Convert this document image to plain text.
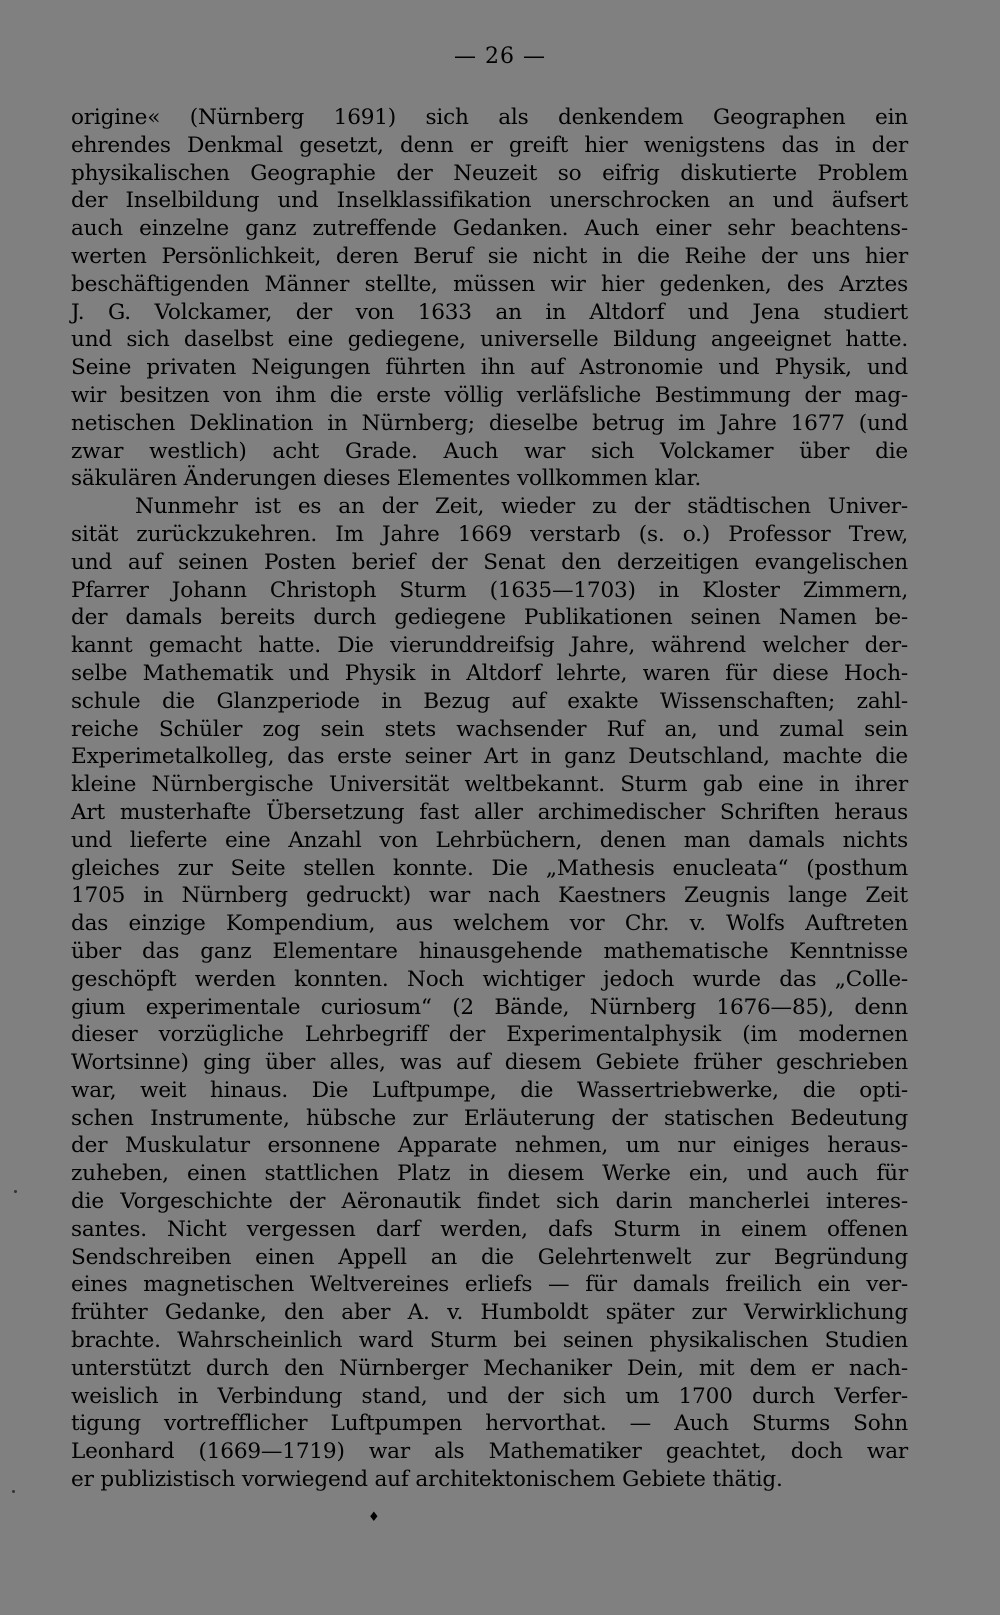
— 26 —
origine« (Nürnberg 1691) sich als denkendem Geographen ein
ehrendes Denkmal gesetzt, denn er greift hier wenigstens das in der
physikalischen Geographie der Neuzeit so eifrig diskutierte Problem
der Inselbildung und Inselklassifikation unerschrocken an und äufsert
auch einzelne ganz zutreffende Gedanken. Auch einer sehr beachtens-
werten Persönlichkeit, deren Beruf sie nicht in die Reihe der uns hier
beschäftigenden Männer stellte, müssen wir hier gedenken, des Arztes
J. G. Volckamer, der von 1633 an in Altdorf und Jena studiert
und sich daselbst eine gediegene, universelle Bildung angeeignet hatte.
Seine privaten Neigungen führten ihn auf Astronomie und Physik, und
wir besitzen von ihm die erste völlig verläfsliche Bestimmung der mag-
netischen Deklination in Nürnberg; dieselbe betrug im Jahre 1677 (und
zwar westlich) acht Grade. Auch war sich Volckamer über die
säkulären Änderungen dieses Elementes vollkommen klar.
Nunmehr ist es an der Zeit, wieder zu der städtischen Univer-
sität zurückzukehren. Im Jahre 1669 verstarb (s. o.) Professor Trew,
und auf seinen Posten berief der Senat den derzeitigen evangelischen
Pfarrer Johann Christoph Sturm (1635—1703) in Kloster Zimmern,
der damals bereits durch gediegene Publikationen seinen Namen be-
kannt gemacht hatte. Die vierunddreifsig Jahre, während welcher der-
selbe Mathematik und Physik in Altdorf lehrte, waren für diese Hoch-
schule die Glanzperiode in Bezug auf exakte Wissenschaften; zahl-
reiche Schüler zog sein stets wachsender Ruf an, und zumal sein
Experimetalkolleg, das erste seiner Art in ganz Deutschland, machte die
kleine Nürnbergische Universität weltbekannt. Sturm gab eine in ihrer
Art musterhafte Übersetzung fast aller archimedischer Schriften heraus
und lieferte eine Anzahl von Lehrbüchern, denen man damals nichts
gleiches zur Seite stellen konnte. Die „Mathesis enucleata“ (posthum
1705 in Nürnberg gedruckt) war nach Kaestners Zeugnis lange Zeit
das einzige Kompendium, aus welchem vor Chr. v. Wolfs Auftreten
über das ganz Elementare hinausgehende mathematische Kenntnisse
geschöpft werden konnten. Noch wichtiger jedoch wurde das „Colle-
gium experimentale curiosum“ (2 Bände, Nürnberg 1676—85), denn
dieser vorzügliche Lehrbegriff der Experimentalphysik (im modernen
Wortsinne) ging über alles, was auf diesem Gebiete früher geschrieben
war, weit hinaus. Die Luftpumpe, die Wassertriebwerke, die opti-
schen Instrumente, hübsche zur Erläuterung der statischen Bedeutung
der Muskulatur ersonnene Apparate nehmen, um nur einiges heraus-
zuheben, einen stattlichen Platz in diesem Werke ein, und auch für
die Vorgeschichte der Aëronautik findet sich darin mancherlei interes-
santes. Nicht vergessen darf werden, dafs Sturm in einem offenen
Sendschreiben einen Appell an die Gelehrtenwelt zur Begründung
eines magnetischen Weltvereines erliefs — für damals freilich ein ver-
frühter Gedanke, den aber A. v. Humboldt später zur Verwirklichung
brachte. Wahrscheinlich ward Sturm bei seinen physikalischen Studien
unterstützt durch den Nürnberger Mechaniker Dein, mit dem er nach-
weislich in Verbindung stand, und der sich um 1700 durch Verfer-
tigung vortrefflicher Luftpumpen hervorthat. — Auch Sturms Sohn
Leonhard (1669—1719) war als Mathematiker geachtet, doch war
er publizistisch vorwiegend auf architektonischem Gebiete thätig.
♦
